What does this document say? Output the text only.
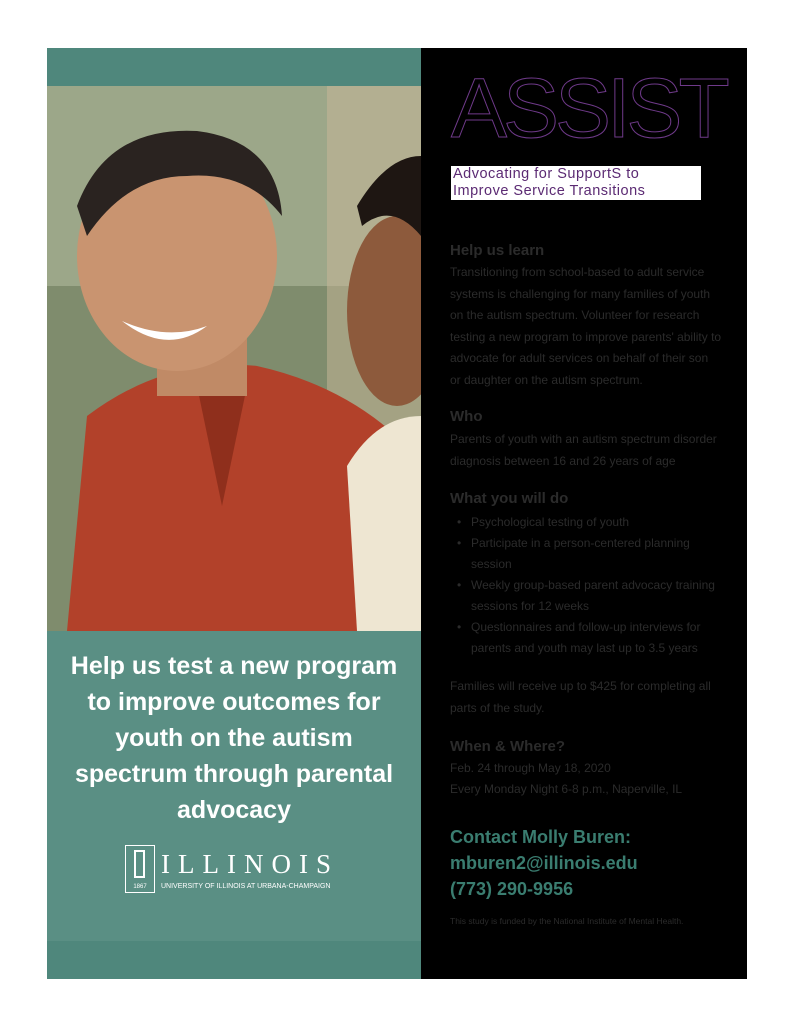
Help us test a new program to improve outcomes for youth on the autism spectrum through parental advocacy
1867
ILLINOIS
UNIVERSITY OF ILLINOIS AT URBANA-CHAMPAIGN
ASSIST
Advocating for SupportS to Improve Service Transitions
Help us learn
Transitioning from school-based to adult service systems is challenging for many families of youth on the autism spectrum. Volunteer for research testing a new program to improve parents' ability to advocate for adult services on behalf of their son or daughter on the autism spectrum.
Who
Parents of youth with an autism spectrum disorder diagnosis between 16 and 26 years of age
What you will do
• Psychological testing of youth
• Participate in a person-centered planning session
• Weekly group-based parent advocacy training sessions for 12 weeks
• Questionnaires and follow-up interviews for parents and youth may last up to 3.5 years
Families will receive up to $425 for completing all parts of the study.
When & Where?
Feb. 24 through May 18, 2020
Every Monday Night 6-8 p.m., Naperville, IL
Contact Molly Buren:
mburen2@illinois.edu
(773) 290-9956
This study is funded by the National Institute of Mental Health.
